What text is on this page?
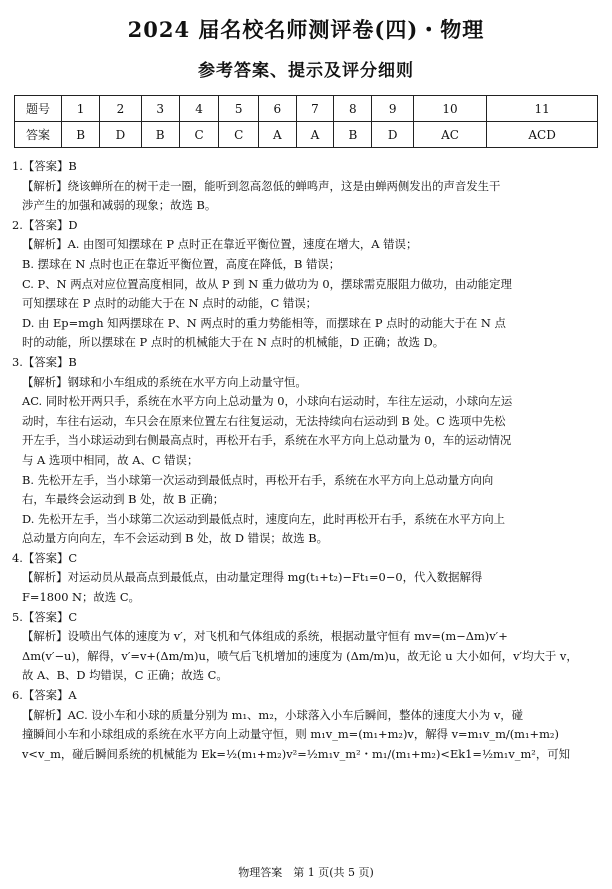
2024 届名校名师测评卷(四)・物理
参考答案、提示及评分细则
题号	1	2	3	4	5	6	7	8	9	10	11
答案	B	D	B	C	C	A	A	B	D	AC	ACD

1.【答案】B

【解析】绕该蝉所在的树干走一圈，能听到忽高忽低的蝉鸣声，这是由蝉两侧发出的声音发生干

涉产生的加强和减弱的现象；故选 B。

2.【答案】D

【解析】A. 由图可知摆球在 P 点时正在靠近平衡位置，速度在增大，A 错误；

B. 摆球在 N 点时也正在靠近平衡位置，高度在降低，B 错误；

C. P、N 两点对应位置高度相同，故从 P 到 N 重力做功为 0，摆球需克服阻力做功，由动能定理

可知摆球在 P 点时的动能大于在 N 点时的动能，C 错误；

D. 由 Ep=mgh 知两摆球在 P、N 两点时的重力势能相等，而摆球在 P 点时的动能大于在 N 点

时的动能，所以摆球在 P 点时的机械能大于在 N 点时的机械能，D 正确；故选 D。

3.【答案】B

【解析】钢球和小车组成的系统在水平方向上动量守恒。

AC. 同时松开两只手，系统在水平方向上总动量为 0，小球向右运动时，车往左运动，小球向左运

动时，车往右运动，车只会在原来位置左右往复运动，无法持续向右运动到 B 处。C 选项中先松

开左手，当小球运动到右侧最高点时，再松开右手，系统在水平方向上总动量为 0，车的运动情况

与 A 选项中相同，故 A、C 错误；

B. 先松开左手，当小球第一次运动到最低点时，再松开右手，系统在水平方向上总动量方向向

右，车最终会运动到 B 处，故 B 正确；

D. 先松开左手，当小球第二次运动到最低点时，速度向左，此时再松开右手，系统在水平方向上

总动量方向向左，车不会运动到 B 处，故 D 错误；故选 B。

4.【答案】C

【解析】对运动员从最高点到最低点，由动量定理得 mg(t₁+t₂)−Ft₁=0−0，代入数据解得

F=1800 N；故选 C。

5.【答案】C

【解析】设喷出气体的速度为 v′，对飞机和气体组成的系统，根据动量守恒有 mv=(m−Δm)v′+

Δm(v′−u)，解得，v′=v+(Δm/m)u，喷气后飞机增加的速度为 (Δm/m)u，故无论 u 大小如何，v′均大于 v，

故 A、B、D 均错误，C 正确；故选 C。

6.【答案】A

【解析】AC. 设小车和小球的质量分别为 m₁、m₂，小球落入小车后瞬间，整体的速度大小为 v，碰

撞瞬间小车和小球组成的系统在水平方向上动量守恒，则 m₁v_m=(m₁+m₂)v，解得 v=m₁v_m/(m₁+m₂)

v<v_m，碰后瞬间系统的机械能为 Ek=½(m₁+m₂)v²=½m₁v_m²・m₁/(m₁+m₂)<Ek1=½m₁v_m²，可知

物理答案　第 1 页(共 5 页)
